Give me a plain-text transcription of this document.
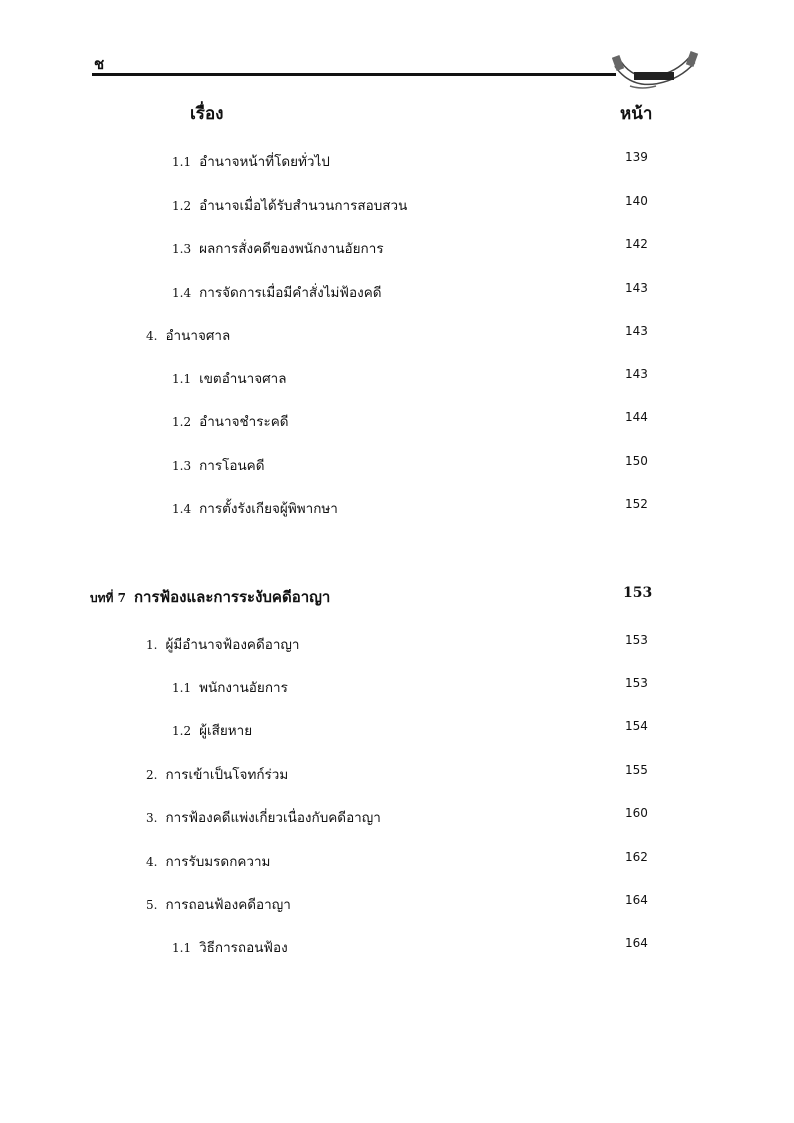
ช
เรื่อง	หน้า
1.1 อำนาจหน้าที่โดยทั่วไป	139
1.2 อำนาจเมื่อได้รับสำนวนการสอบสวน	140
1.3 ผลการสั่งคดีของพนักงานอัยการ	142
1.4 การจัดการเมื่อมีคำสั่งไม่ฟ้องคดี	143
4. อำนาจศาล	143
1.1 เขตอำนาจศาล	143
1.2 อำนาจชำระคดี	144
1.3 การโอนคดี	150
1.4 การตั้งรังเกียจผู้พิพากษา	152
บทที่ 7 การฟ้องและการระงับคดีอาญา	153
1. ผู้มีอำนาจฟ้องคดีอาญา	153
1.1 พนักงานอัยการ	153
1.2 ผู้เสียหาย	154
2. การเข้าเป็นโจทก์ร่วม	155
3. การฟ้องคดีแพ่งเกี่ยวเนื่องกับคดีอาญา	160
4. การรับมรดกความ	162
5. การถอนฟ้องคดีอาญา	164
1.1 วิธีการถอนฟ้อง	164
